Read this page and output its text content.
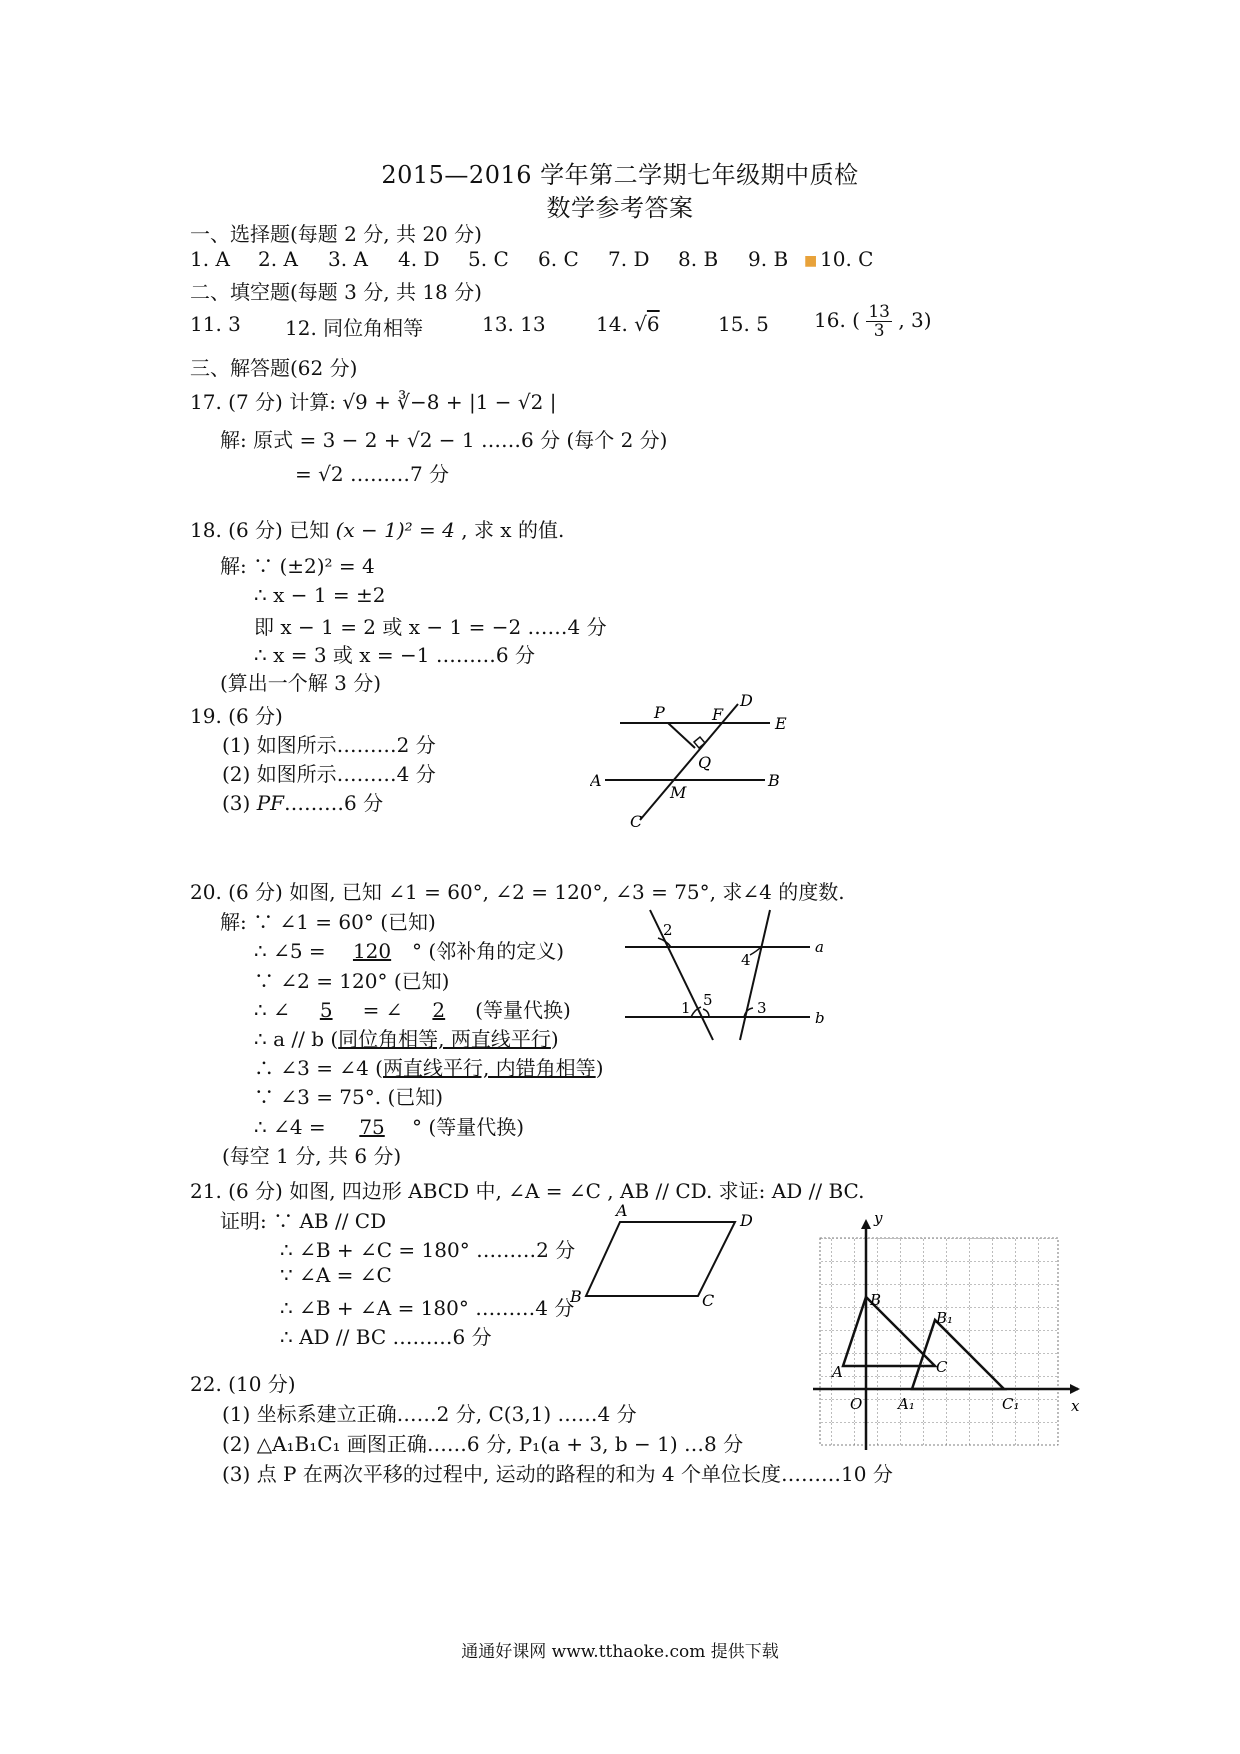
2015—2016 学年第二学期七年级期中质检
数学参考答案
一、选择题(每题 2 分, 共 20 分)
1. A 2. A 3. A 4. D 5. C 6. C 7. D 8. B 9. B ■ 10. C
二、填空题(每题 3 分, 共 18 分)
11. 3 12. 同位角相等	13. 13	14. √6	15. 5 16. ( $\frac{13}{3}$ , 3)
三、解答题(62 分)
17. (7 分) 计算: √9 + ∛−8 + |1 − √2 |
解: 原式 = 3 − 2 + √2 − 1 ……6 分 (每个 2 分)
= √2 ………7 分
18. (6 分) 已知 (x − 1)² = 4 , 求 x 的值.
解: ∵ (±2)² = 4
∴ x − 1 = ±2
即 x − 1 = 2 或 x − 1 = −2 ……4 分
∴ x = 3 或 x = −1 ………6 分
(算出一个解 3 分)
19. (6 分)
(1) 如图所示………2 分
(2) 如图所示………4 分
(3) PF………6 分
P	F
D
E
Q
A	B
M
C
20. (6 分) 如图, 已知 ∠1 = 60°, ∠2 = 120°, ∠3 = 75°, 求∠4 的度数.
解: ∵ ∠1 = 60° (已知)
∴ ∠5 = 120 ° (邻补角的定义)
∵ ∠2 = 120° (已知)
∴ ∠ 5 = ∠ 2 (等量代换)
∴ a // b (同位角相等, 两直线平行)
∴ ∠3 = ∠4 (两直线平行, 内错角相等)
∵ ∠3 = 75°. (已知)
∴ ∠4 = 75 ° (等量代换)
(每空 1 分, 共 6 分)
2
4
1 5	3
a
b
21. (6 分) 如图, 四边形 ABCD 中, ∠A = ∠C , AB // CD. 求证: AD // BC.
证明: ∵ AB // CD
∴ ∠B + ∠C = 180° ………2 分
∵ ∠A = ∠C
∴ ∠B + ∠A = 180° ………4 分
∴ AD // BC ………6 分
A
D
B	C
y
x
O
A
B
C
A₁
B₁
C₁
22. (10 分)
(1) 坐标系建立正确……2 分, C(3,1) ……4 分
(2) △A₁B₁C₁ 画图正确……6 分, P₁(a + 3, b − 1) …8 分
(3) 点 P 在两次平移的过程中, 运动的路程的和为 4 个单位长度………10 分
通通好课网 www.tthaoke.com 提供下载
